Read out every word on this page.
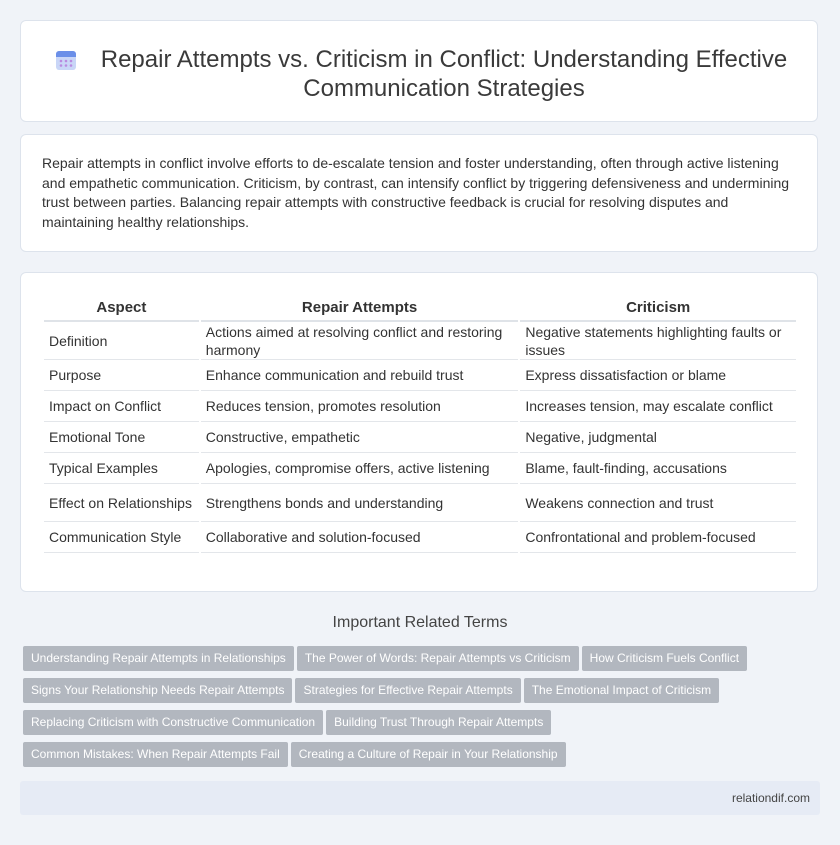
Repair Attempts vs. Criticism in Conflict: Understanding Effective Communication Strategies

Repair attempts in conflict involve efforts to de-escalate tension and foster understanding, often through active listening and empathetic communication. Criticism, by contrast, can intensify conflict by triggering defensiveness and undermining trust between parties. Balancing repair attempts with constructive feedback is crucial for resolving disputes and maintaining healthy relationships.

Aspect	Repair Attempts	Criticism
Definition	Actions aimed at resolving conflict and restoring harmony	Negative statements highlighting faults or issues
Purpose	Enhance communication and rebuild trust	Express dissatisfaction or blame
Impact on Conflict	Reduces tension, promotes resolution	Increases tension, may escalate conflict
Emotional Tone	Constructive, empathetic	Negative, judgmental
Typical Examples	Apologies, compromise offers, active listening	Blame, fault-finding, accusations
Effect on Relationships	Strengthens bonds and understanding	Weakens connection and trust
Communication Style	Collaborative and solution-focused	Confrontational and problem-focused
Important Related Terms
Understanding Repair Attempts in Relationships The Power of Words: Repair Attempts vs Criticism How Criticism Fuels Conflict
Signs Your Relationship Needs Repair Attempts Strategies for Effective Repair Attempts The Emotional Impact of Criticism
Replacing Criticism with Constructive Communication Building Trust Through Repair Attempts
Common Mistakes: When Repair Attempts Fail Creating a Culture of Repair in Your Relationship
relationdif.com
